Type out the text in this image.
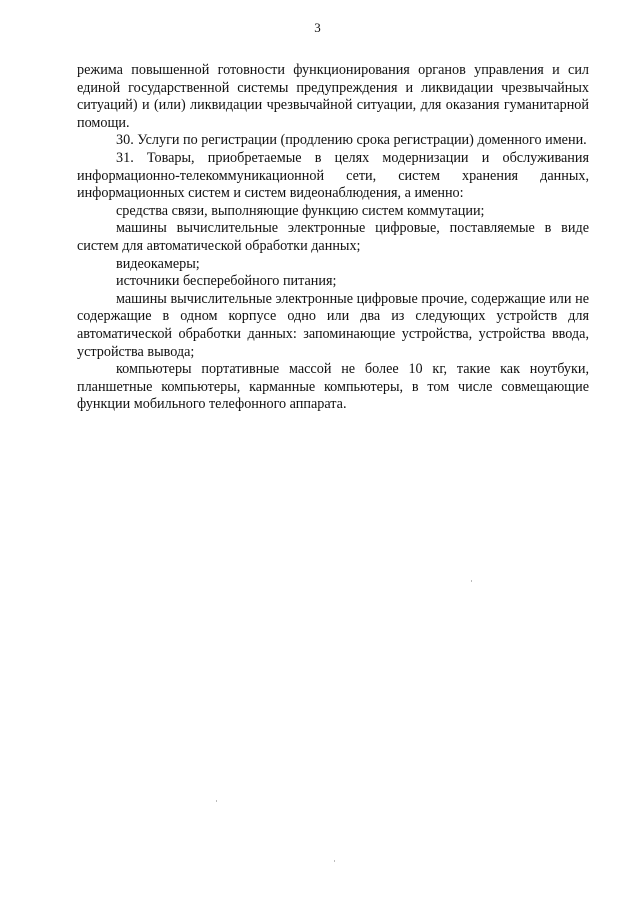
3

режима повышенной готовности функционирования органов управления и сил единой государственной системы предупреждения и ликвидации чрезвычайных ситуаций) и (или) ликвидации чрезвычайной ситуации, для оказания гуманитарной помощи.

30. Услуги по регистрации (продлению срока регистрации) доменного имени.

31. Товары, приобретаемые в целях модернизации и обслуживания информационно-телекоммуникационной сети, систем хранения данных, информационных систем и систем видеонаблюдения, а именно:

средства связи, выполняющие функцию систем коммутации;

машины вычислительные электронные цифровые, поставляемые в виде систем для автоматической обработки данных;

видеокамеры;

источники бесперебойного питания;

машины вычислительные электронные цифровые прочие, содержащие или не содержащие в одном корпусе одно или два из следующих устройств для автоматической обработки данных: запоминающие устройства, устройства ввода, устройства вывода;

компьютеры портативные массой не более 10 кг, такие как ноутбуки, планшетные компьютеры, карманные компьютеры, в том числе совмещающие функции мобильного телефонного аппарата.
